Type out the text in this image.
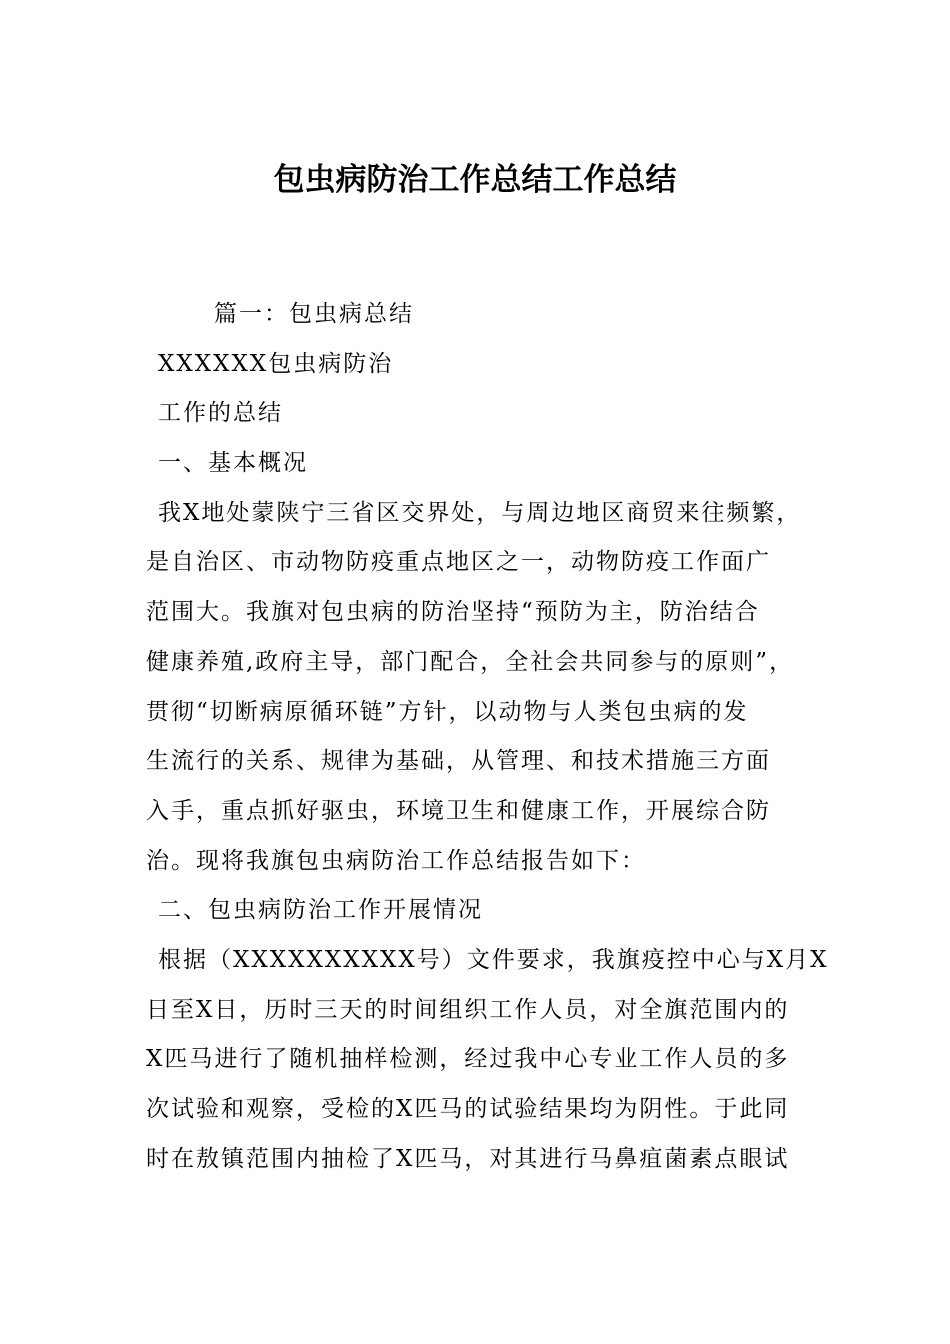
包虫病防治工作总结工作总结

篇一：包虫病总结

XXXXXX包虫病防治

工作的总结

一、基本概况

我X地处蒙陕宁三省区交界处，与周边地区商贸来往频繁，

是自治区、市动物防疫重点地区之一，动物防疫工作面广

范围大。我旗对包虫病的防治坚持“预防为主，防治结合

健康养殖,政府主导，部门配合，全社会共同参与的原则”，

贯彻“切断病原循环链”方针，以动物与人类包虫病的发

生流行的关系、规律为基础，从管理、和技术措施三方面

入手，重点抓好驱虫，环境卫生和健康工作，开展综合防

治。现将我旗包虫病防治工作总结报告如下：

二、包虫病防治工作开展情况

根据（XXXXXXXXXX号）文件要求，我旗疫控中心与X月X

日至X日，历时三天的时间组织工作人员，对全旗范围内的

X匹马进行了随机抽样检测，经过我中心专业工作人员的多

次试验和观察，受检的X匹马的试验结果均为阴性。于此同

时在敖镇范围内抽检了X匹马，对其进行马鼻疽菌素点眼试
